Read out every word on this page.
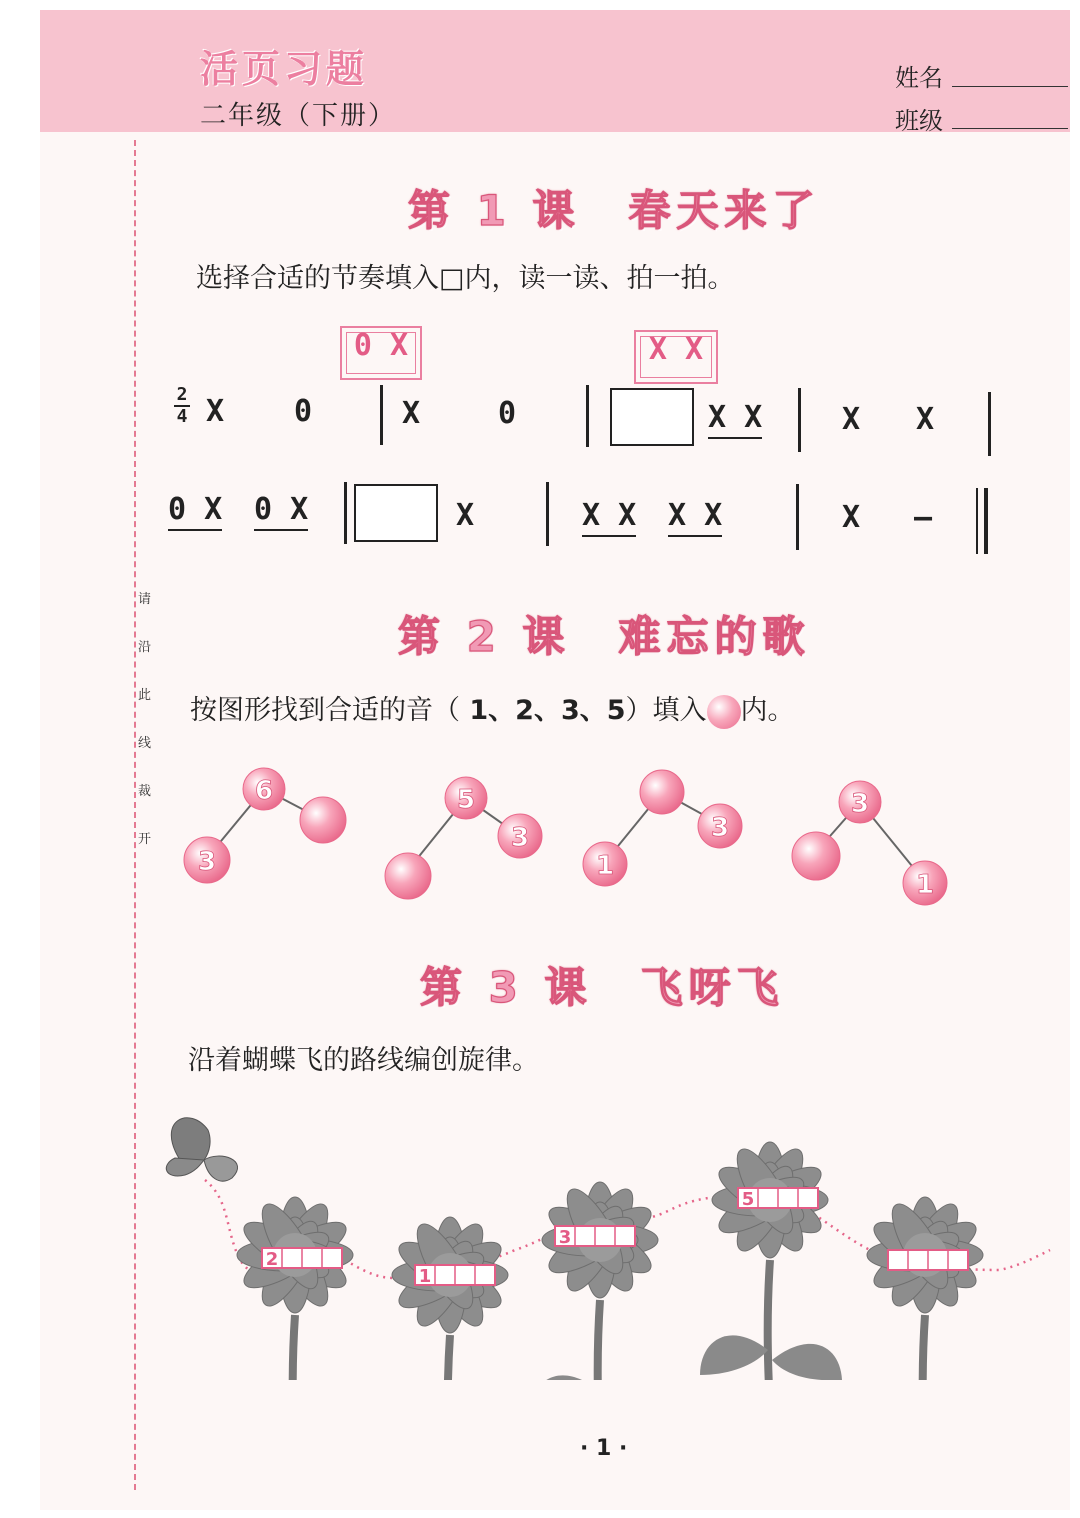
活页习题
二年级（下册）
姓名
班级
请
沿
此
线
裁
开
第 1 课　春天来了
选择合适的节奏填入□内，读一读、拍一拍。
0 X	X X
2
4 X 0	X	0	X X	X X
0 X 0 X	X	X X X X	X –
第 2 课　难忘的歌
按图形找到合适的音（ 1、2、3、5）填入 内。
6
3
5
3
1
3
3
1
第 3 课　飞呀飞
沿着蝴蝶飞的路线编创旋律。
2
1
3
5
· 1 ·
